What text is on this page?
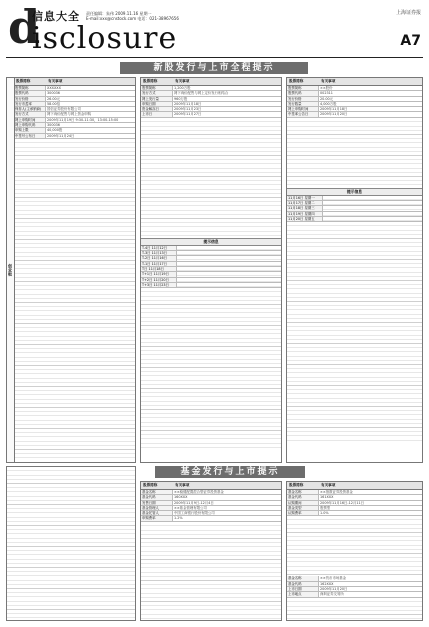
d
信息大全
isclosure
责任编辑：朱伟 2009.11.16 星期一
E-mail:xxx@cnstock.com 电话：021-38967656
上海证券报
A7
新股发行与上市全程提示
创业板
股票简称	有关事项
股票简称	XXXXXX
股票代码	300036
发行价格	26.00元
发行市盈率	58.00倍
保荐人(主承销商)	国信证券股份有限公司
发行方式	网下询价配售与网上资金申购
网上申购时间	2009年11月19日 9:30-11:30，13:00-15:00
网上申购代码	300036
申购上限	40,000股
中签号公布日	2009年11月24日
股票简称	有关事项
股票简称	1,200万股
发行方式	网下询价配售与网上定价发行相结合
网上发行量	960万股
申购日期	2009年11月18日
资金解冻日	2009年11月23日
上市日	2009年11月27日
提示信息
T-4日 11月12日
T-3日 11月13日
T-2日 11月16日
T-1日 11月17日
T日 11月18日
T+1日 11月19日
T+2日 11月20日
T+3日 11月23日
股票简称	有关事项
股票简称	××股份
股票代码	002311
发行价格	20.00元
发行数量	4,000万股
网上申购时间	2009年11月18日
中签率公告日	2009年11月20日
提示信息
11月16日 星期一
11月17日 星期二
11月18日 星期三
11月19日 星期四
11月20日 星期五
基金发行与上市提示
股票简称	有关事项
基金名称	××稳健配置混合型证券投资基金
基金代码	160XXX
发售日期	2009年11月9日-12月4日
基金管理人	××基金管理有限公司
基金托管人	中国工商银行股份有限公司
申购费率	1.2%
股票简称	有关事项
基金名称	××指数证券投资基金
基金代码	161XXX
认购期间	2009年11月16日-12月11日
基金类型	股票型
认购费率	1.0%
基金名称	××货币市场基金
基金代码	162XXX
上市日期	2009年11月20日
上市地点	深圳证券交易所
